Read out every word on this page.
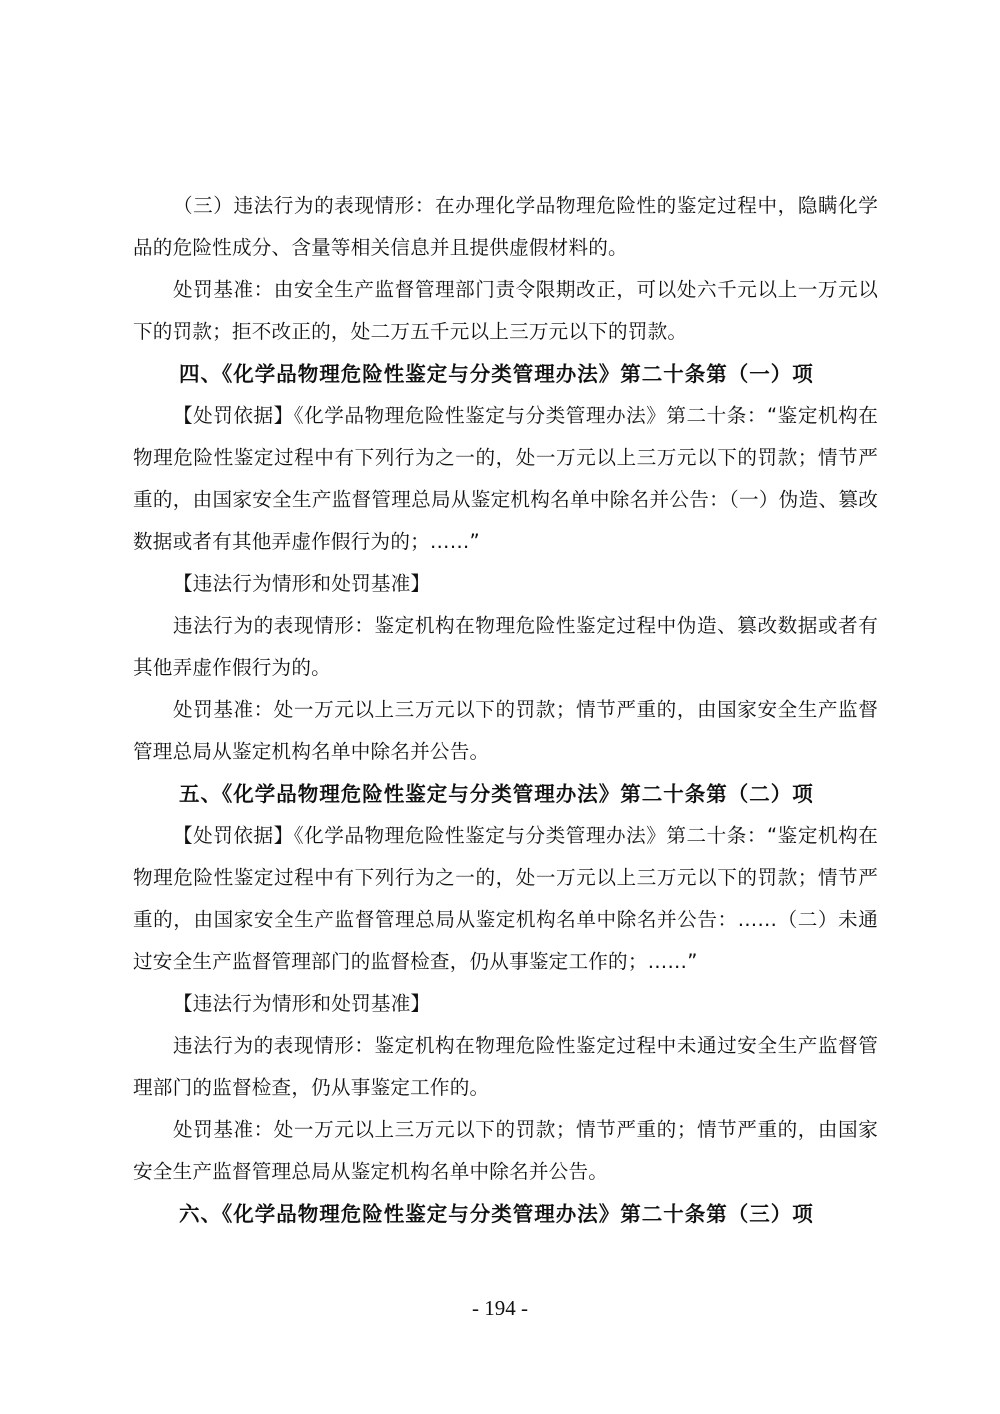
（三）违法行为的表现情形：在办理化学品物理危险性的鉴定过程中，隐瞒化学品的危险性成分、含量等相关信息并且提供虚假材料的。

处罚基准：由安全生产监督管理部门责令限期改正，可以处六千元以上一万元以下的罚款；拒不改正的，处二万五千元以上三万元以下的罚款。

四、《化学品物理危险性鉴定与分类管理办法》第二十条第（一）项

【处罚依据】《化学品物理危险性鉴定与分类管理办法》第二十条：“鉴定机构在物理危险性鉴定过程中有下列行为之一的，处一万元以上三万元以下的罚款；情节严重的，由国家安全生产监督管理总局从鉴定机构名单中除名并公告：（一）伪造、篡改数据或者有其他弄虚作假行为的；……”

【违法行为情形和处罚基准】

违法行为的表现情形：鉴定机构在物理危险性鉴定过程中伪造、篡改数据或者有其他弄虚作假行为的。

处罚基准：处一万元以上三万元以下的罚款；情节严重的，由国家安全生产监督管理总局从鉴定机构名单中除名并公告。

五、《化学品物理危险性鉴定与分类管理办法》第二十条第（二）项

【处罚依据】《化学品物理危险性鉴定与分类管理办法》第二十条：“鉴定机构在物理危险性鉴定过程中有下列行为之一的，处一万元以上三万元以下的罚款；情节严重的，由国家安全生产监督管理总局从鉴定机构名单中除名并公告：……（二）未通过安全生产监督管理部门的监督检查，仍从事鉴定工作的；……”

【违法行为情形和处罚基准】

违法行为的表现情形：鉴定机构在物理危险性鉴定过程中未通过安全生产监督管理部门的监督检查，仍从事鉴定工作的。

处罚基准：处一万元以上三万元以下的罚款；情节严重的；情节严重的，由国家安全生产监督管理总局从鉴定机构名单中除名并公告。

六、《化学品物理危险性鉴定与分类管理办法》第二十条第（三）项

- 194 -
